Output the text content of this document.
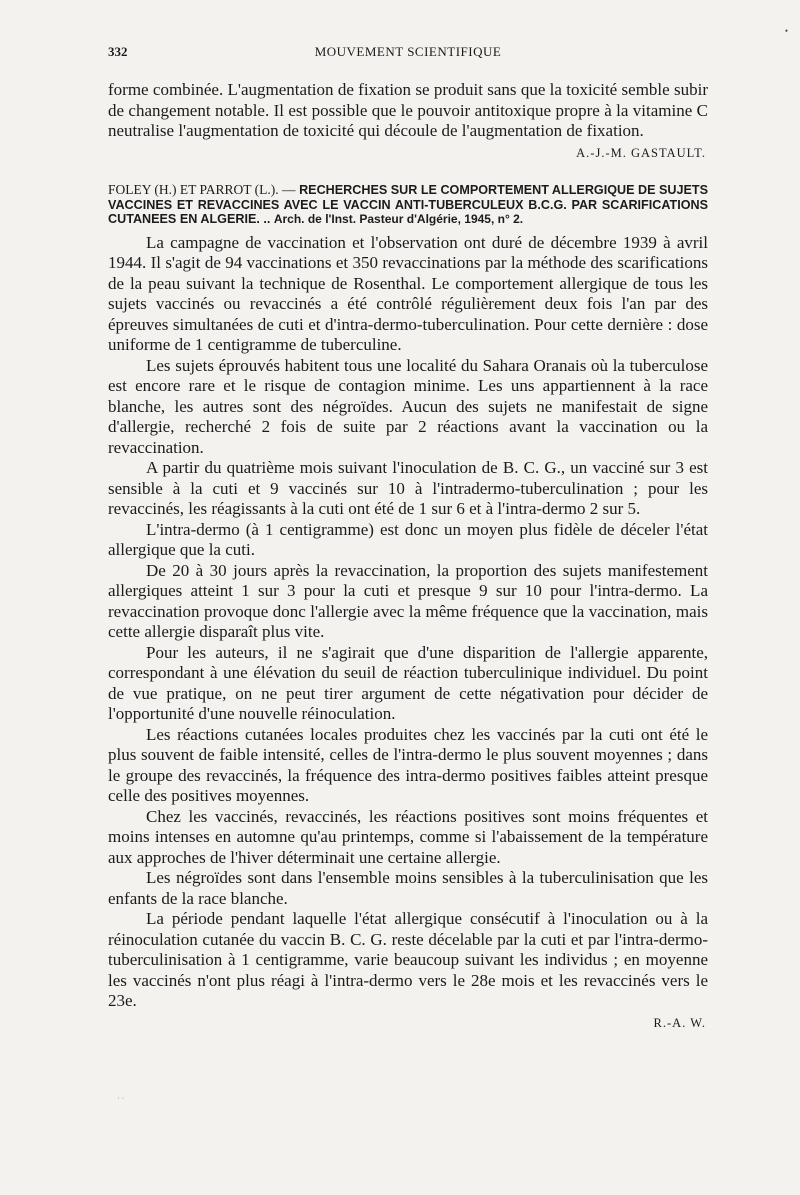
•
332	MOUVEMENT SCIENTIFIQUE

forme combinée. L'augmentation de fixation se produit sans que la toxicité semble subir de changement notable. Il est possible que le pouvoir antitoxique propre à la vitamine C neutralise l'augmentation de toxicité qui découle de l'augmentation de fixation.

A.-J.-M. GASTAULT.

FOLEY (H.) ET PARROT (L.). — RECHERCHES SUR LE COMPORTEMENT ALLERGIQUE DE SUJETS VACCINES ET REVACCINES AVEC LE VACCIN ANTI-TUBERCULEUX B.C.G. PAR SCARIFICATIONS CUTANEES EN ALGERIE. .. Arch. de l'Inst. Pasteur d'Algérie, 1945, n° 2.

La campagne de vaccination et l'observation ont duré de décembre 1939 à avril 1944. Il s'agit de 94 vaccinations et 350 revaccinations par la méthode des scarifications de la peau suivant la technique de Rosenthal. Le comportement allergique de tous les sujets vaccinés ou revaccinés a été contrôlé régulièrement deux fois l'an par des épreuves simultanées de cuti et d'intra-dermo-tuberculination. Pour cette dernière : dose uniforme de 1 centigramme de tuberculine.

Les sujets éprouvés habitent tous une localité du Sahara Oranais où la tuberculose est encore rare et le risque de contagion minime. Les uns appartiennent à la race blanche, les autres sont des négroïdes. Aucun des sujets ne manifestait de signe d'allergie, recherché 2 fois de suite par 2 réactions avant la vaccination ou la revaccination.

A partir du quatrième mois suivant l'inoculation de B. C. G., un vacciné sur 3 est sensible à la cuti et 9 vaccinés sur 10 à l'intradermo-tuberculination ; pour les revaccinés, les réagissants à la cuti ont été de 1 sur 6 et à l'intra-dermo 2 sur 5.

L'intra-dermo (à 1 centigramme) est donc un moyen plus fidèle de déceler l'état allergique que la cuti.

De 20 à 30 jours après la revaccination, la proportion des sujets manifestement allergiques atteint 1 sur 3 pour la cuti et presque 9 sur 10 pour l'intra-dermo. La revaccination provoque donc l'allergie avec la même fréquence que la vaccination, mais cette allergie disparaît plus vite.

Pour les auteurs, il ne s'agirait que d'une disparition de l'allergie apparente, correspondant à une élévation du seuil de réaction tuberculinique individuel. Du point de vue pratique, on ne peut tirer argument de cette négativation pour décider de l'opportunité d'une nouvelle réinoculation.

Les réactions cutanées locales produites chez les vaccinés par la cuti ont été le plus souvent de faible intensité, celles de l'intra-dermo le plus souvent moyennes ; dans le groupe des revaccinés, la fréquence des intra-dermo positives faibles atteint presque celle des positives moyennes.

Chez les vaccinés, revaccinés, les réactions positives sont moins fréquentes et moins intenses en automne qu'au printemps, comme si l'abaissement de la température aux approches de l'hiver déterminait une certaine allergie.

Les négroïdes sont dans l'ensemble moins sensibles à la tuberculinisation que les enfants de la race blanche.

La période pendant laquelle l'état allergique consécutif à l'inoculation ou à la réinoculation cutanée du vaccin B. C. G. reste décelable par la cuti et par l'intra-dermo-tuberculinisation à 1 centigramme, varie beaucoup suivant les individus ; en moyenne les vaccinés n'ont plus réagi à l'intra-dermo vers le 28e mois et les revaccinés vers le 23e.

R.-A. W.

· ·
